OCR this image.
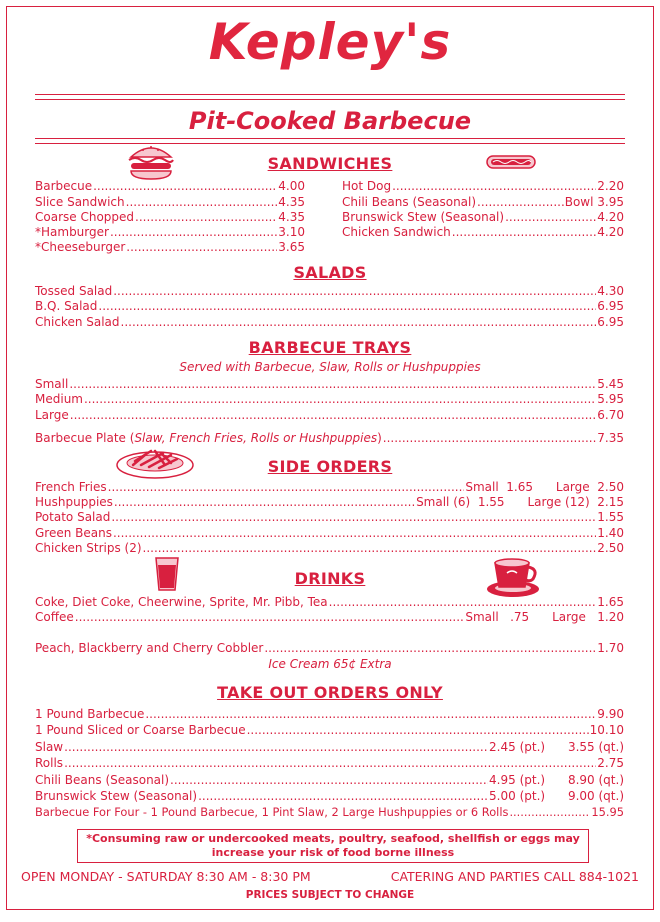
Kepley's
Pit-Cooked Barbecue
SANDWICHES
Barbecue .....	4.00
Slice Sandwich .....	4.35
Coarse Chopped .....	4.35
*Hamburger .....	3.10
*Cheeseburger .....	3.65
Hot Dog .....	2.20
Chili Beans (Seasonal) .....	Bowl 3.95
Brunswick Stew (Seasonal) .....	4.20
Chicken Sandwich .....	4.20
SALADS
Tossed Salad .....	4.30
B.Q. Salad .....	6.95
Chicken Salad .....	6.95
BARBECUE TRAYS
Served with Barbecue, Slaw, Rolls or Hushpuppies
Small .....	5.45
Medium .....	5.95
Large .....	6.70
Barbecue Plate (Slaw, French Fries, Rolls or Hushpuppies) .....	7.35
SIDE ORDERS
French Fries .....	Small  1.65      Large  2.50
Hushpuppies .....	Small (6)  1.55      Large (12)  2.15
Potato Salad .....	1.55
Green Beans .....	1.40
Chicken Strips (2) .....	2.50
DRINKS
Coke, Diet Coke, Cheerwine, Sprite, Mr. Pibb, Tea .....	1.65
Coffee .....	Small   .75      Large   1.20
Peach, Blackberry and Cherry Cobbler .....	1.70
Ice Cream 65¢ Extra
TAKE OUT ORDERS ONLY
1 Pound Barbecue .....	9.90
1 Pound Sliced or Coarse Barbecue .....	10.10
Slaw .....	2.45 (pt.)      3.55 (qt.)
Rolls .....	2.75
Chili Beans (Seasonal) .....	4.95 (pt.)      8.90 (qt.)
Brunswick Stew (Seasonal) .....	5.00 (pt.)      9.00 (qt.)
Barbecue For Four - 1 Pound Barbecue, 1 Pint Slaw, 2 Large Hushpuppies or 6 Rolls .....	15.95
*Consuming raw or undercooked meats, poultry, seafood, shellfish or eggs may
increase your risk of food borne illness
OPEN MONDAY - SATURDAY 8:30 AM - 8:30 PM	CATERING AND PARTIES CALL 884-1021
PRICES SUBJECT TO CHANGE
